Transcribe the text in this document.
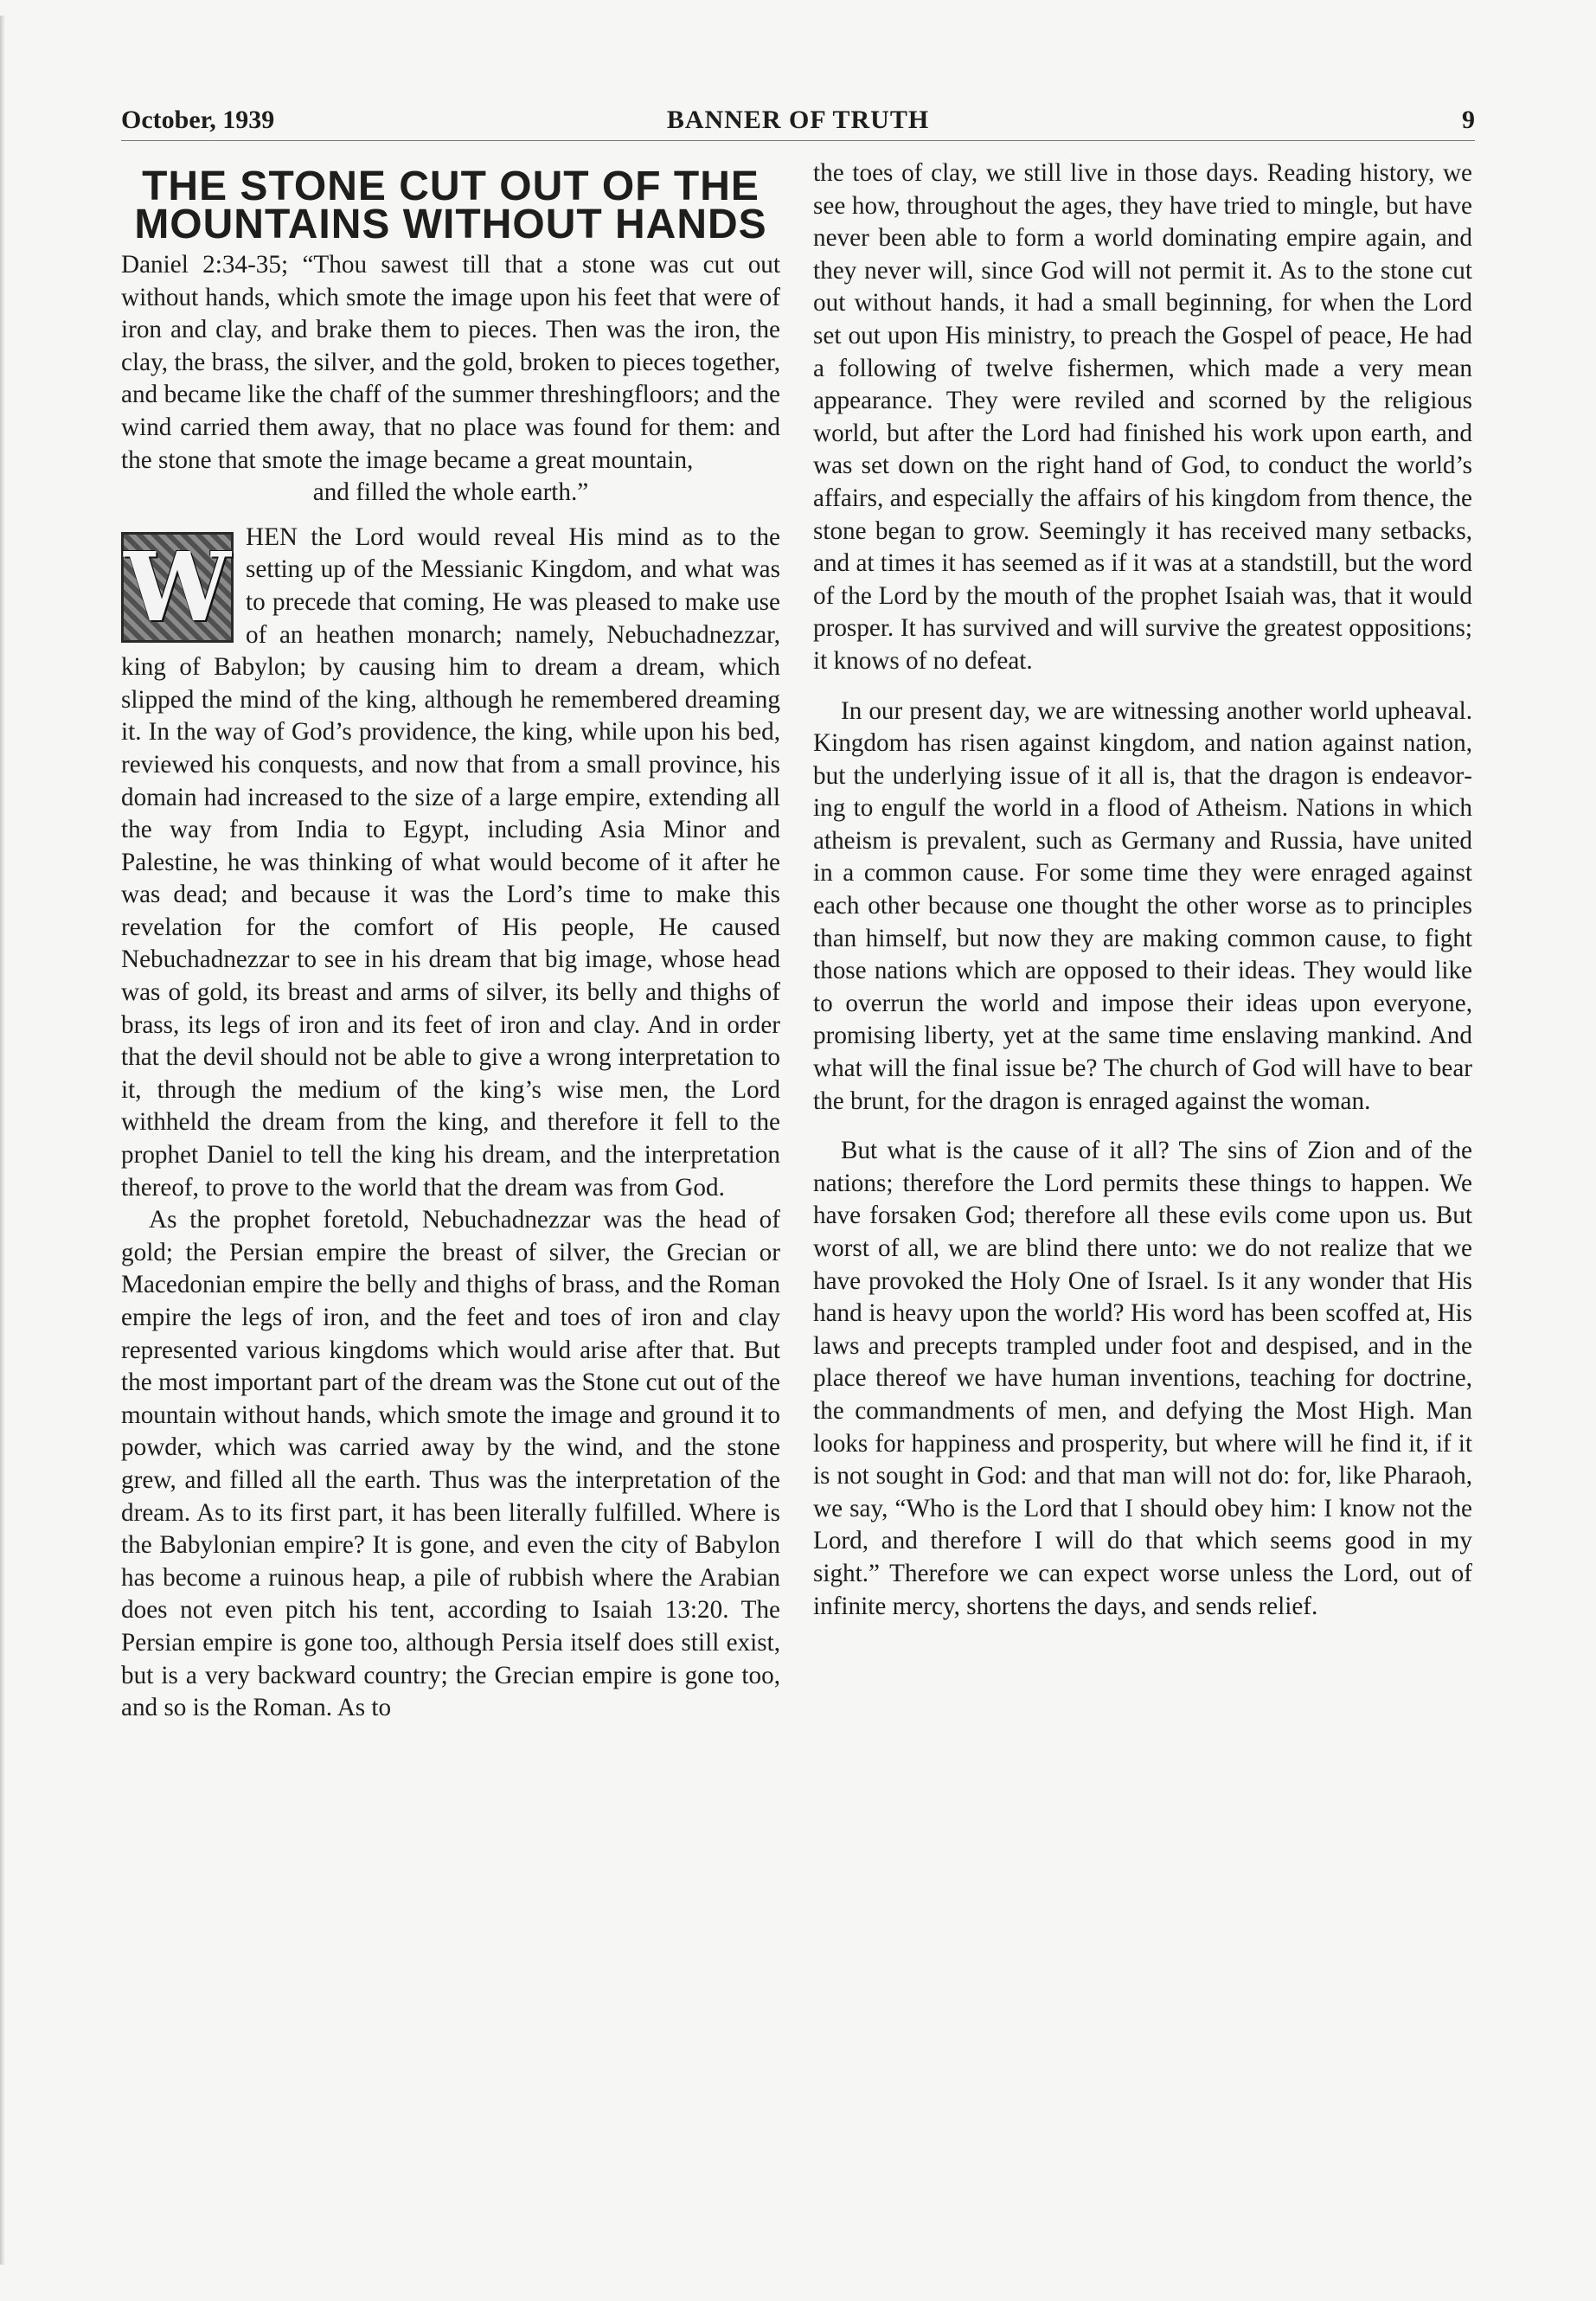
October, 1939	BANNER OF TRUTH	9
THE STONE CUT OUT OF THE MOUNTAINS WITHOUT HANDS

Daniel 2:34-35; “Thou sawest till that a stone was cut out without hands, which smote the image upon his feet that were of iron and clay, and brake them to pieces. Then was the iron, the clay, the brass, the silver, and the gold, broken to pieces together, and became like the chaff of the summer threshingfloors; and the wind carried them away, that no place was found for them: and the stone that smote the image became a great mountain,
and filled the whole earth.”

W HEN the Lord would reveal His mind as to the setting up of the Messianic Kingdom, and what was to precede that coming, He was pleased to make use of an heathen monarch; namely, Nebuchadnezzar, king of Babylon; by causing him to dream a dream, which slipped the mind of the king, although he remembered dreaming it. In the way of God’s providence, the king, while upon his bed, reviewed his conquests, and now that from a small province, his domain had increased to the size of a large empire, extending all the way from India to Egypt, including Asia Minor and Palestine, he was thinking of what would become of it after he was dead; and because it was the Lord’s time to make this revelation for the comfort of His people, He caused Nebuchadnezzar to see in his dream that big image, whose head was of gold, its breast and arms of silver, its belly and thighs of brass, its legs of iron and its feet of iron and clay. And in order that the devil should not be able to give a wrong interpretation to it, through the medium of the king’s wise men, the Lord withheld the dream from the king, and therefore it fell to the prophet Daniel to tell the king his dream, and the interpretation thereof, to prove to the world that the dream was from God.

As the prophet foretold, Nebuchadnezzar was the head of gold; the Persian empire the breast of silver, the Grecian or Macedonian empire the belly and thighs of brass, and the Roman empire the legs of iron, and the feet and toes of iron and clay represented various kingdoms which would arise after that. But the most important part of the dream was the Stone cut out of the mountain without hands, which smote the image and ground it to powder, which was carried away by the wind, and the stone grew, and filled all the earth. Thus was the interpretation of the dream. As to its first part, it has been literally fulfilled. Where is the Babylonian empire? It is gone, and even the city of Babylon has become a ruinous heap, a pile of rubbish where the Arabian does not even pitch his tent, according to Isaiah 13:20. The Persian empire is gone too, although Persia itself does still exist, but is a very backward country; the Grecian empire is gone too, and so is the Roman. As to

the toes of clay, we still live in those days. Reading history, we see how, throughout the ages, they have tried to mingle, but have never been able to form a world dominating empire again, and they never will, since God will not permit it. As to the stone cut out without hands, it had a small beginning, for when the Lord set out upon His ministry, to preach the Gospel of peace, He had a following of twelve fishermen, which made a very mean appearance. They were reviled and scorned by the religious world, but after the Lord had finished his work upon earth, and was set down on the right hand of God, to conduct the world’s affairs, and especially the affairs of his kingdom from thence, the stone began to grow. Seemingly it has received many setbacks, and at times it has seemed as if it was at a standstill, but the word of the Lord by the mouth of the prophet Isaiah was, that it would prosper. It has survived and will survive the greatest oppositions; it knows of no defeat.

In our present day, we are witnessing another world upheaval. Kingdom has risen against kingdom, and nation against nation, but the underlying issue of it all is, that the dragon is endeavoring to engulf the world in a flood of Atheism. Nations in which atheism is prevalent, such as Germany and Russia, have united in a common cause. For some time they were enraged against each other because one thought the other worse as to principles than himself, but now they are making common cause, to fight those nations which are opposed to their ideas. They would like to overrun the world and impose their ideas upon everyone, promising liberty, yet at the same time enslaving mankind. And what will the final issue be? The church of God will have to bear the brunt, for the dragon is enraged against the woman.

But what is the cause of it all? The sins of Zion and of the nations; therefore the Lord permits these things to happen. We have forsaken God; therefore all these evils come upon us. But worst of all, we are blind there unto: we do not realize that we have provoked the Holy One of Israel. Is it any wonder that His hand is heavy upon the world? His word has been scoffed at, His laws and precepts trampled under foot and despised, and in the place thereof we have human inventions, teaching for doctrine, the commandments of men, and defying the Most High. Man looks for happiness and prosperity, but where will he find it, if it is not sought in God: and that man will not do: for, like Pharaoh, we say, “Who is the Lord that I should obey him: I know not the Lord, and therefore I will do that which seems good in my sight.” Therefore we can expect worse unless the Lord, out of infinite mercy, shortens the days, and sends relief.
